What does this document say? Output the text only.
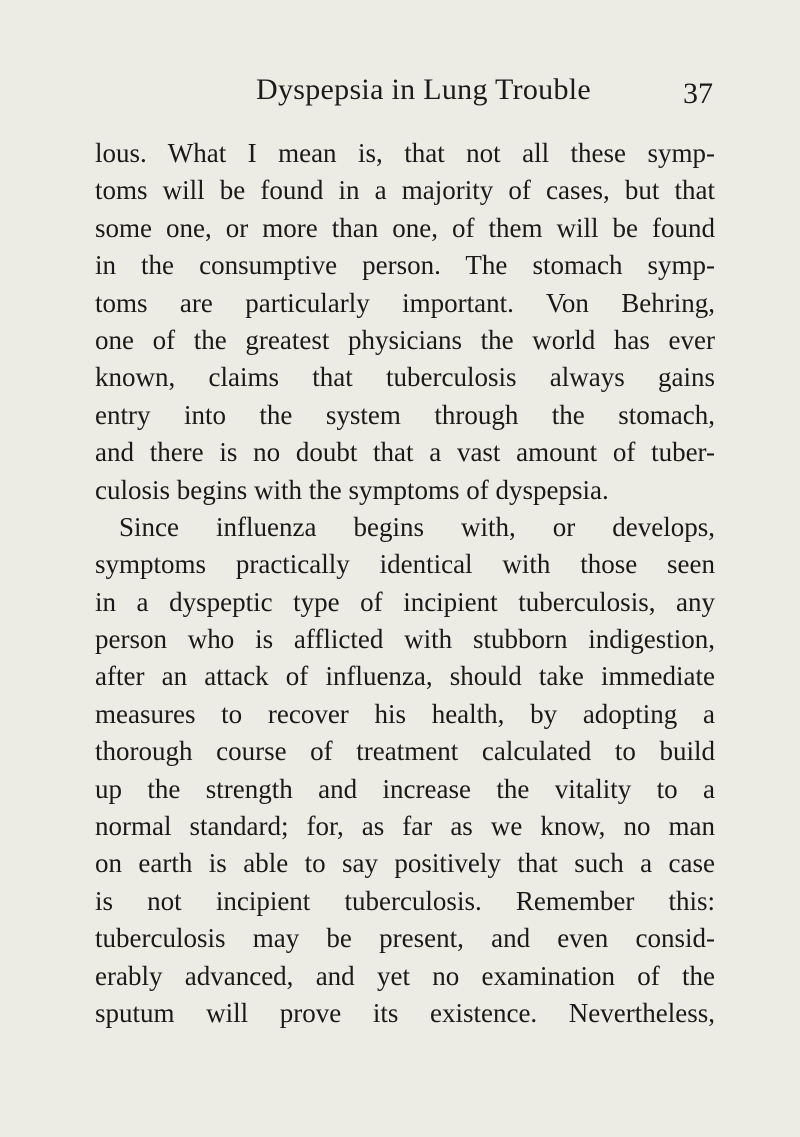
Dyspepsia in Lung Trouble	37
lous. What I mean is, that not all these symp-
toms will be found in a majority of cases, but that
some one, or more than one, of them will be found
in the consumptive person. The stomach symp-
toms are particularly important. Von Behring,
one of the greatest physicians the world has ever
known, claims that tuberculosis always gains
entry into the system through the stomach,
and there is no doubt that a vast amount of tuber-
culosis begins with the symptoms of dyspepsia.
Since influenza begins with, or develops,
symptoms practically identical with those seen
in a dyspeptic type of incipient tuberculosis, any
person who is afflicted with stubborn indigestion,
after an attack of influenza, should take immediate
measures to recover his health, by adopting a
thorough course of treatment calculated to build
up the strength and increase the vitality to a
normal standard; for, as far as we know, no man
on earth is able to say positively that such a case
is not incipient tuberculosis. Remember this:
tuberculosis may be present, and even consid-
erably advanced, and yet no examination of the
sputum will prove its existence. Nevertheless,
